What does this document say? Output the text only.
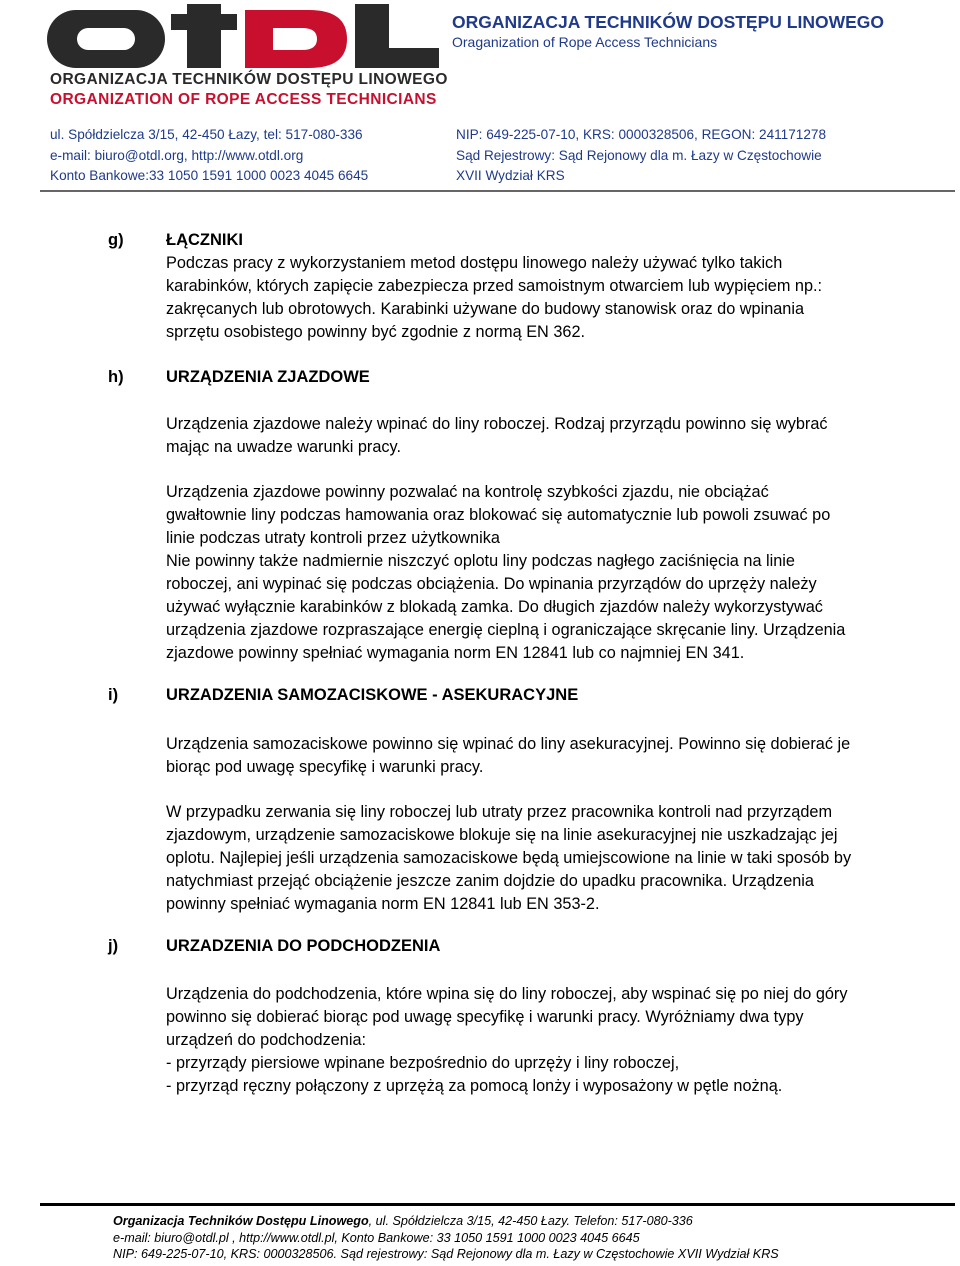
ORGANIZACJA TECHNIKÓW DOSTĘPU LINOWEGO
ORGANIZATION OF ROPE ACCESS TECHNICIANS
ORGANIZACJA TECHNIKÓW DOSTĘPU LINOWEGO
Oraganization of Rope Access Technicians
ul. Spółdzielcza 3/15, 42-450 Łazy, tel: 517-080-336
e-mail: biuro@otdl.org, http://www.otdl.org
Konto Bankowe:33 1050 1591 1000 0023 4045 6645
NIP: 649-225-07-10, KRS: 0000328506, REGON: 241171278
Sąd Rejestrowy: Sąd Rejonowy dla m. Łazy w Częstochowie
XVII Wydział KRS
g)	ŁĄCZNIKI
Podczas pracy z wykorzystaniem metod dostępu linowego należy używać tylko takich
karabinków, których zapięcie zabezpiecza przed samoistnym otwarciem lub wypięciem np.:
zakręcanych lub obrotowych. Karabinki używane do budowy stanowisk oraz do wpinania
sprzętu osobistego powinny być zgodnie z normą EN 362.
h)	URZĄDZENIA ZJAZDOWE
Urządzenia zjazdowe należy wpinać do liny roboczej. Rodzaj przyrządu powinno się wybrać
mając na uwadze warunki pracy.
Urządzenia zjazdowe powinny pozwalać na kontrolę szybkości zjazdu, nie obciążać
gwałtownie liny podczas hamowania oraz blokować się automatycznie lub powoli zsuwać po
linie podczas utraty kontroli przez użytkownika
Nie powinny także nadmiernie niszczyć oplotu liny podczas nagłego zaciśnięcia na linie
roboczej, ani wypinać się podczas obciążenia. Do wpinania przyrządów do uprzęży należy
używać wyłącznie karabinków z blokadą zamka. Do długich zjazdów należy wykorzystywać
urządzenia zjazdowe rozpraszające energię cieplną i ograniczające skręcanie liny. Urządzenia
zjazdowe powinny spełniać wymagania norm EN 12841 lub co najmniej EN 341.
i)	URZADZENIA SAMOZACISKOWE - ASEKURACYJNE
Urządzenia samozaciskowe powinno się wpinać do liny asekuracyjnej. Powinno się dobierać je
biorąc pod uwagę specyfikę i warunki pracy.
W przypadku zerwania się liny roboczej lub utraty przez pracownika kontroli nad przyrządem
zjazdowym, urządzenie samozaciskowe blokuje się na linie asekuracyjnej nie uszkadzając jej
oplotu. Najlepiej jeśli urządzenia samozaciskowe będą umiejscowione na linie w taki sposób by
natychmiast przejąć obciążenie jeszcze zanim dojdzie do upadku pracownika. Urządzenia
powinny spełniać wymagania norm EN 12841 lub EN 353-2.
j)	URZADZENIA DO PODCHODZENIA
Urządzenia do podchodzenia, które wpina się do liny roboczej, aby wspinać się po niej do góry
powinno się dobierać biorąc pod uwagę specyfikę i warunki pracy. Wyróżniamy dwa typy
urządzeń do podchodzenia:
- przyrządy piersiowe wpinane bezpośrednio do uprzęży i liny roboczej,
- przyrząd ręczny połączony z uprzężą za pomocą lonży i wyposażony w pętle nożną.
Organizacja Techników Dostępu Linowego, ul. Spółdzielcza 3/15, 42-450 Łazy. Telefon: 517-080-336
e-mail: biuro@otdl.pl , http://www.otdl.pl, Konto Bankowe: 33 1050 1591 1000 0023 4045 6645
NIP: 649-225-07-10, KRS: 0000328506. Sąd rejestrowy: Sąd Rejonowy dla m. Łazy w Częstochowie XVII Wydział KRS
